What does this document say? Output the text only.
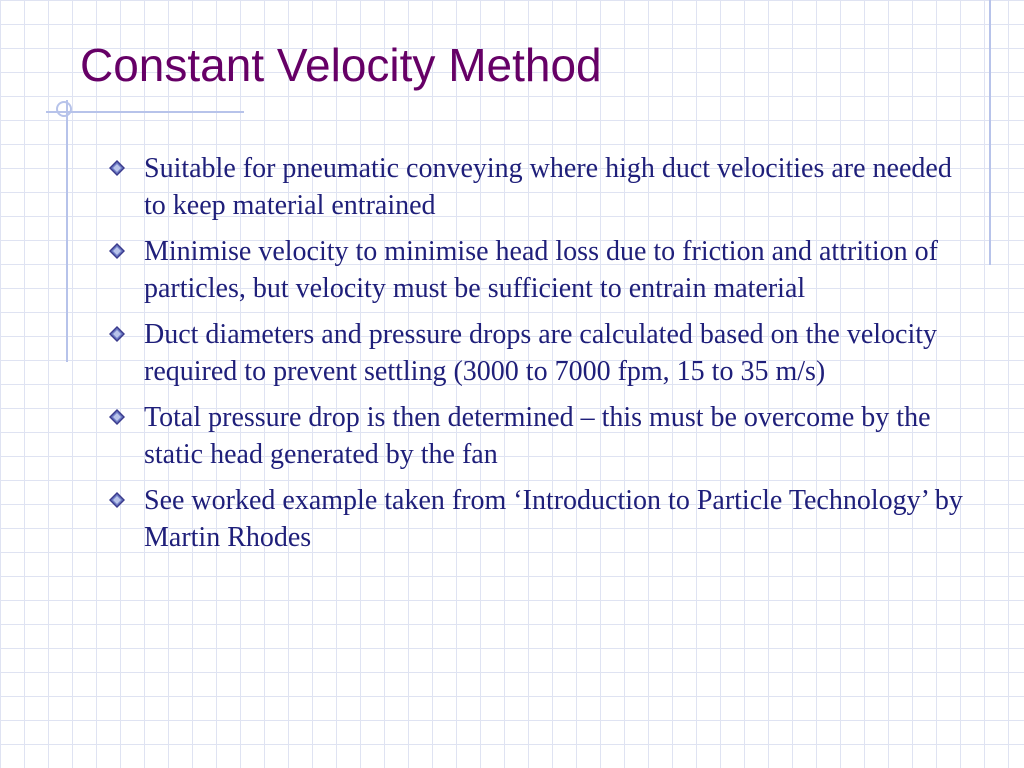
Constant Velocity Method
Suitable for pneumatic conveying where high duct velocities are needed to keep material entrained
Minimise velocity to minimise head loss due to friction and attrition of particles, but velocity must be sufficient to entrain material
Duct diameters and pressure drops are calculated based on the velocity required to prevent settling (3000 to 7000 fpm, 15 to 35 m/s)
Total pressure drop is then determined – this must be overcome by the static head generated by the fan
See worked example taken from ‘Introduction to Particle Technology’ by Martin Rhodes
